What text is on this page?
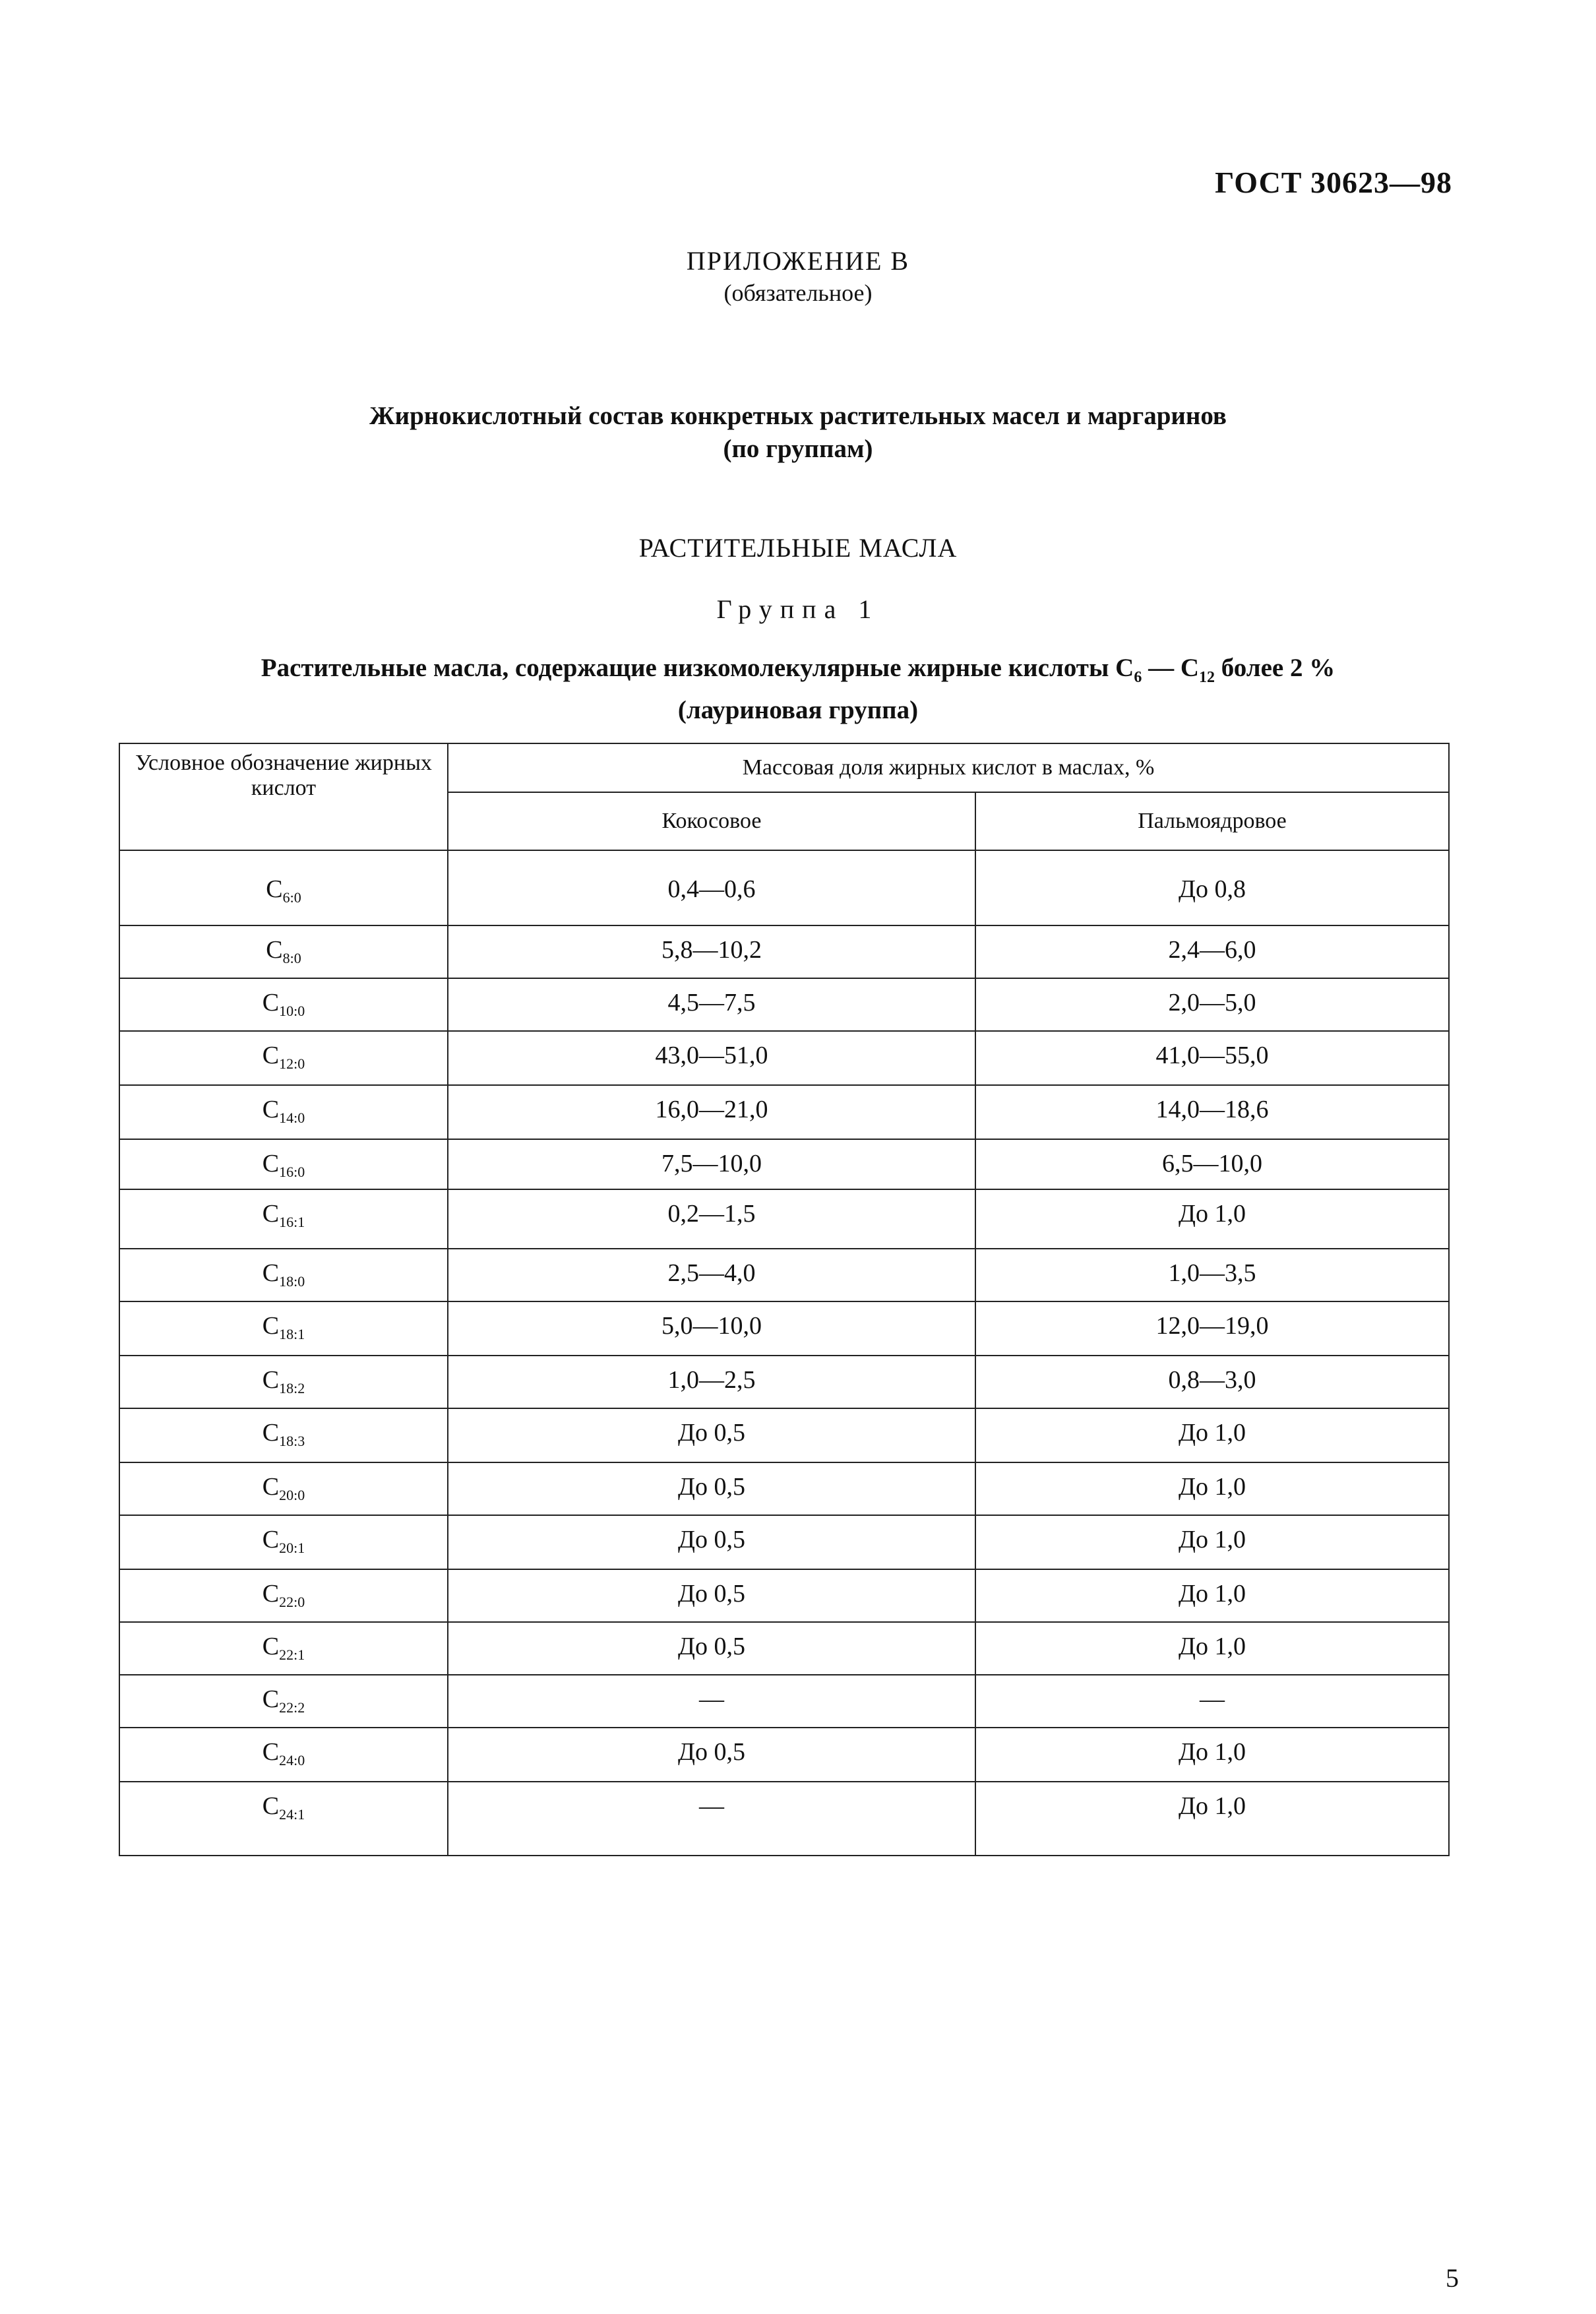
ГОСТ 30623—98
ПРИЛОЖЕНИЕ В
(обязательное)
Жирнокислотный состав конкретных растительных масел и маргаринов
(по группам)
РАСТИТЕЛЬНЫЕ МАСЛА
Группа 1
Растительные масла, содержащие низкомолекулярные жирные кислоты $С_6$ — $С_{12}$ более 2 %
(лауриновая группа)
Условное обозначение жирных кислот	Массовая доля жирных кислот в маслах, %	
	Кокосовое	Пальмоядровое
$С_{6:0}$	0,4—0,6	До 0,8
$С_{8:0}$	5,8—10,2	2,4—6,0
$С_{10:0}$	4,5—7,5	2,0—5,0
$С_{12:0}$	43,0—51,0	41,0—55,0
$С_{14:0}$	16,0—21,0	14,0—18,6
$С_{16:0}$	7,5—10,0	6,5—10,0
$С_{16:1}$	0,2—1,5	До 1,0
$С_{18:0}$	2,5—4,0	1,0—3,5
$С_{18:1}$	5,0—10,0	12,0—19,0
$С_{18:2}$	1,0—2,5	0,8—3,0
$С_{18:3}$	До 0,5	До 1,0
$С_{20:0}$	До 0,5	До 1,0
$С_{20:1}$	До 0,5	До 1,0
$С_{22:0}$	До 0,5	До 1,0
$С_{22:1}$	До 0,5	До 1,0
$С_{22:2}$	—	—
$С_{24:0}$	До 0,5	До 1,0
$С_{24:1}$	—	До 1,0
5
